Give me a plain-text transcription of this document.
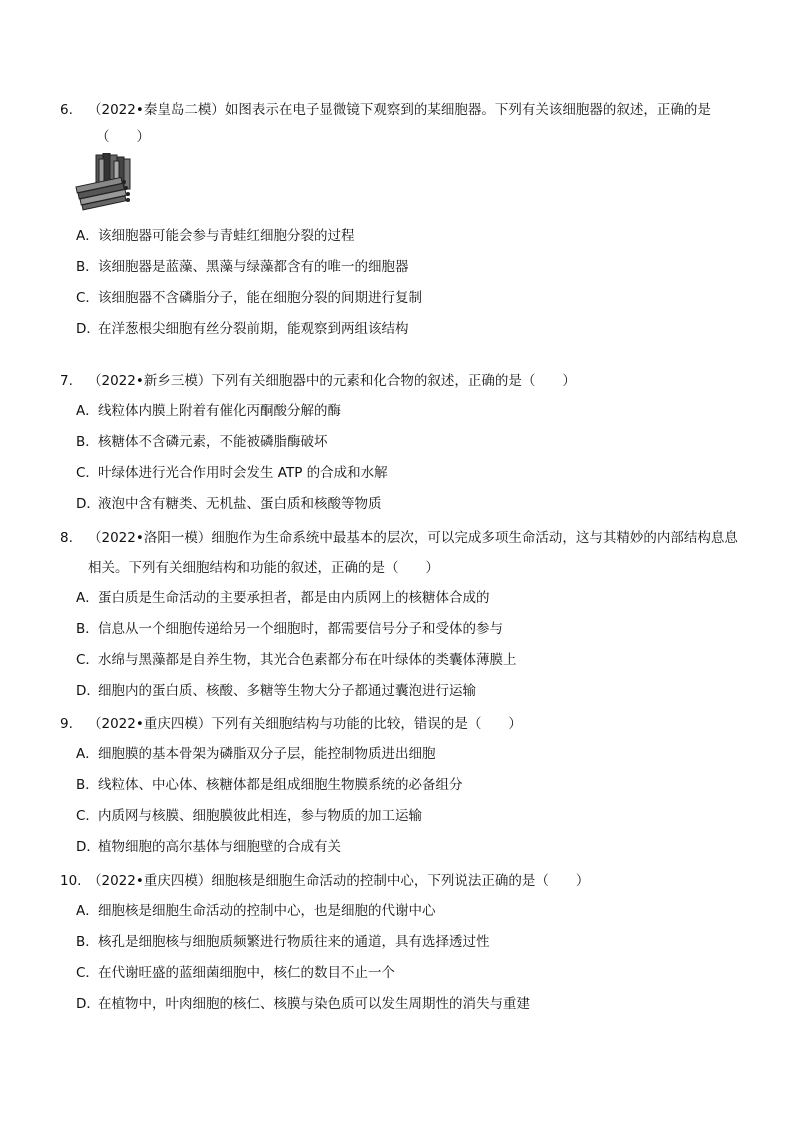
6.	（2022•秦皇岛二模）如图表示在电子显微镜下观察到的某细胞器。下列有关该细胞器的叙述，正确的是
（　　）
A． 该细胞器可能会参与青蛙红细胞分裂的过程
B． 该细胞器是蓝藻、黑藻与绿藻都含有的唯一的细胞器
C． 该细胞器不含磷脂分子，能在细胞分裂的间期进行复制
D．
在洋葱根尖细胞有丝分裂前期，能观察到两组该结构
7.	（2022•新乡三模）下列有关细胞器中的元素和化合物的叙述，正确的是（　　）
A． 线粒体内膜上附着有催化丙酮酸分解的酶
B． 核糖体不含磷元素，不能被磷脂酶破坏
C． 叶绿体进行光合作用时会发生 ATP 的合成和水解
D．
液泡中含有糖类、无机盐、蛋白质和核酸等物质
8.	（2022•洛阳一模）细胞作为生命系统中最基本的层次，可以完成多项生命活动，这与其精妙的内部结构息息相关。下列有关细胞结构和功能的叙述，正确的是（　　）
A． 蛋白质是生命活动的主要承担者，都是由内质网上的核糖体合成的
B． 信息从一个细胞传递给另一个细胞时，都需要信号分子和受体的参与
C． 水绵与黑藻都是自养生物，其光合色素都分布在叶绿体的类囊体薄膜上
D．
细胞内的蛋白质、核酸、多糖等生物大分子都通过囊泡进行运输
9.	（2022•重庆四模）下列有关细胞结构与功能的比较，错误的是（　　）
A． 细胞膜的基本骨架为磷脂双分子层，能控制物质进出细胞
B． 线粒体、中心体、核糖体都是组成细胞生物膜系统的必备组分
C． 内质网与核膜、细胞膜彼此相连，参与物质的加工运输
D．
植物细胞的高尔基体与细胞壁的合成有关
10. （2022•重庆四模）细胞核是细胞生命活动的控制中心，下列说法正确的是（　　）
A． 细胞核是细胞生命活动的控制中心，也是细胞的代谢中心
B． 核孔是细胞核与细胞质频繁进行物质往来的通道，具有选择透过性
C． 在代谢旺盛的蓝细菌细胞中，核仁的数目不止一个
D．
在植物中，叶肉细胞的核仁、核膜与染色质可以发生周期性的消失与重建
